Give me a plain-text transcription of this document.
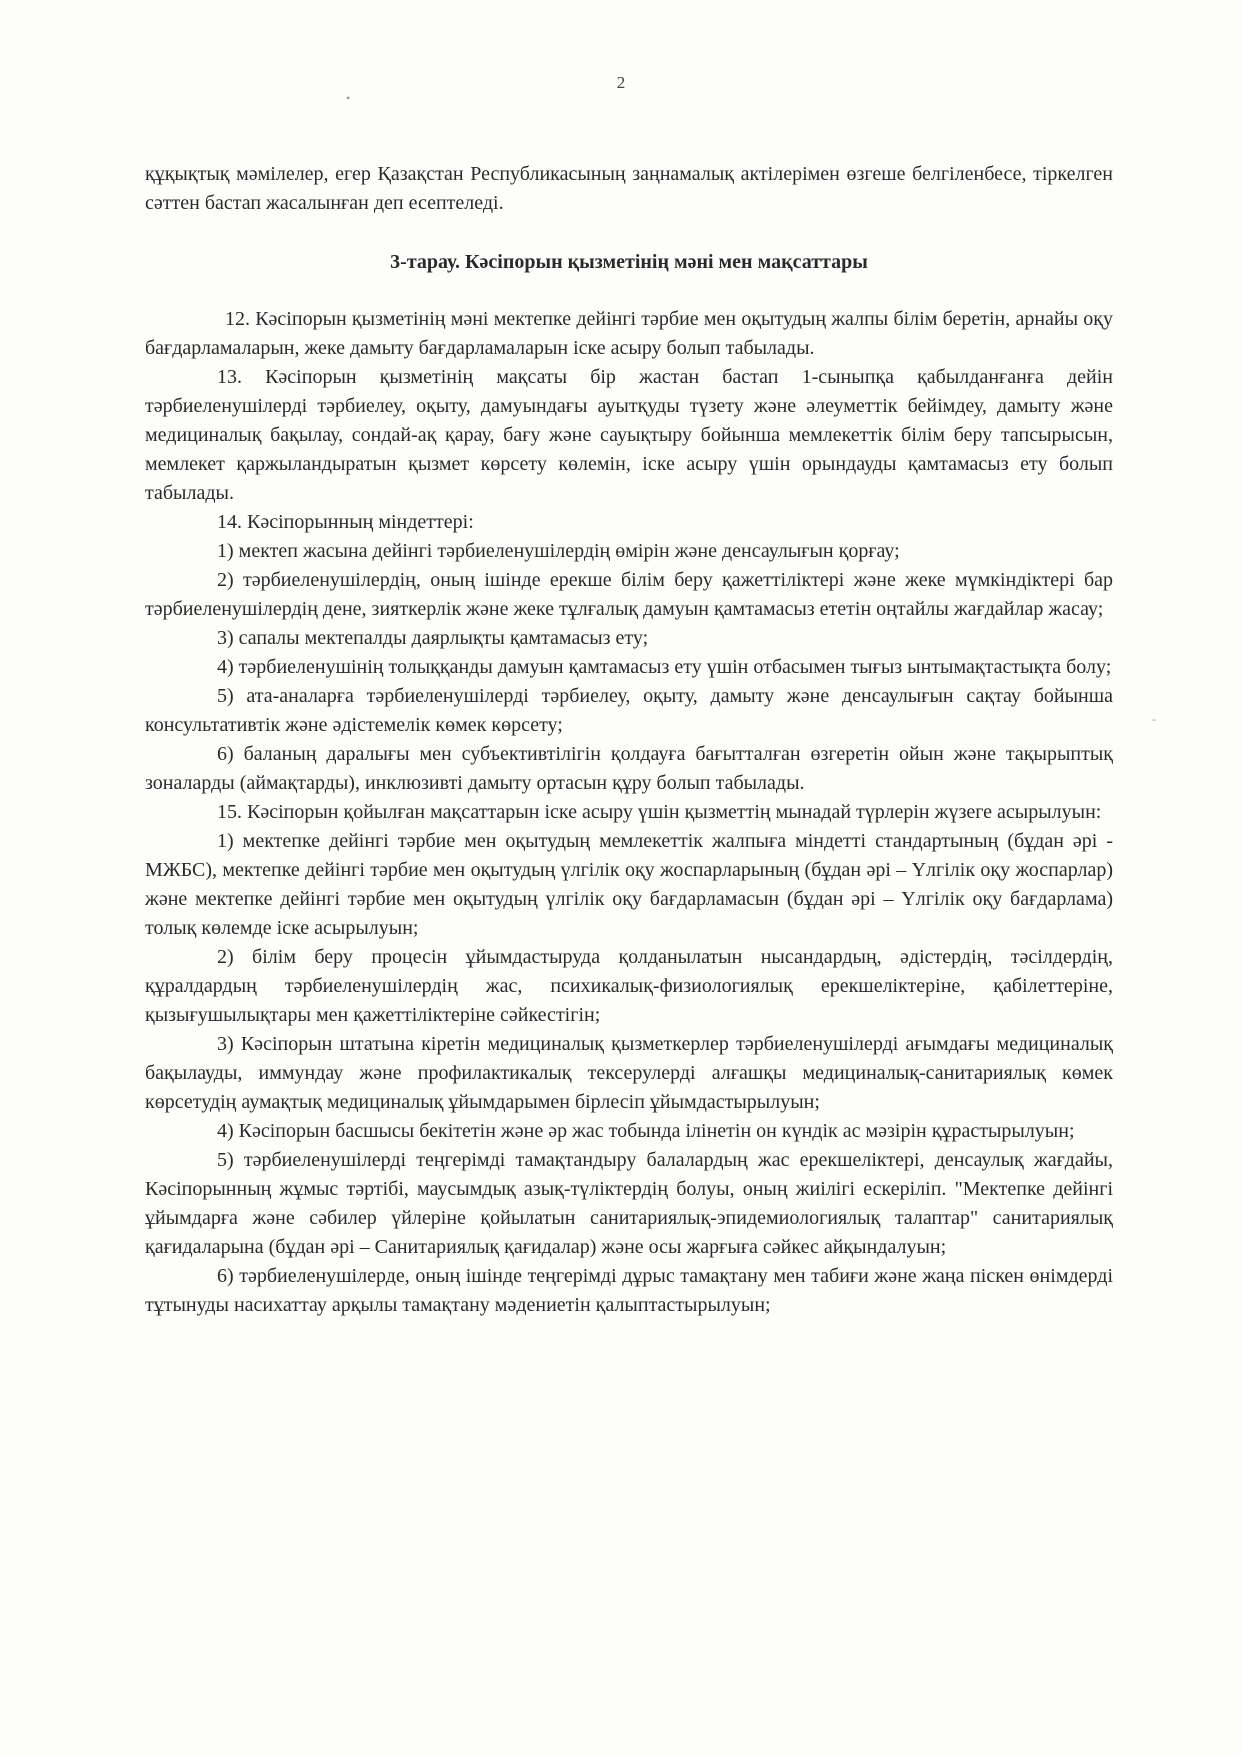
2
•
-

құқықтық мәмілелер, егер Қазақстан Республикасының заңнамалық актілерімен өзгеше белгіленбесе, тіркелген сәттен бастап жасалынған деп есептеледі.

3-тарау. Кәсіпорын қызметінің мәні мен мақсаттары

12. Кәсіпорын қызметінің мәні мектепке дейінгі тәрбие мен оқытудың жалпы білім беретін, арнайы оқу бағдарламаларын, жеке дамыту бағдарламаларын іске асыру болып табылады.

13. Кәсіпорын қызметінің мақсаты бір жастан бастап 1-сыныпқа қабылданғанға дейін тәрбиеленушілерді тәрбиелеу, оқыту, дамуындағы ауытқуды түзету және әлеуметтік бейімдеу, дамыту және медициналық бақылау, сондай-ақ қарау, бағу және сауықтыру бойынша мемлекеттік білім беру тапсырысын, мемлекет қаржыландыратын қызмет көрсету көлемін, іске асыру үшін орындауды қамтамасыз ету болып табылады.

14. Кәсіпорынның міндеттері:

1) мектеп жасына дейінгі тәрбиеленушілердің өмірін және денсаулығын қорғау;

2) тәрбиеленушілердің, оның ішінде ерекше білім беру қажеттіліктері және жеке мүмкіндіктері бар тәрбиеленушілердің дене, зияткерлік және жеке тұлғалық дамуын қамтамасыз ететін оңтайлы жағдайлар жасау;

3) сапалы мектепалды даярлықты қамтамасыз ету;

4) тәрбиеленушінің толыққанды дамуын қамтамасыз ету үшін отбасымен тығыз ынтымақтастықта болу;

5) ата-аналарға тәрбиеленушілерді тәрбиелеу, оқыту, дамыту және денсаулығын сақтау бойынша консультативтік және әдістемелік көмек көрсету;

6) баланың даралығы мен субъективтілігін қолдауға бағытталған өзгеретін ойын және тақырыптық зоналарды (аймақтарды), инклюзивті дамыту ортасын құру болып табылады.

15. Кәсіпорын қойылған мақсаттарын іске асыру үшін қызметтің мынадай түрлерін жүзеге асырылуын:

1) мектепке дейінгі тәрбие мен оқытудың мемлекеттік жалпыға міндетті стандартының (бұдан әрі - МЖБС), мектепке дейінгі тәрбие мен оқытудың үлгілік оқу жоспарларының (бұдан әрі – Үлгілік оқу жоспарлар) және мектепке дейінгі тәрбие мен оқытудың үлгілік оқу бағдарламасын (бұдан әрі – Үлгілік оқу бағдарлама) толық көлемде іске асырылуын;

2) білім беру процесін ұйымдастыруда қолданылатын нысандардың, әдістердің, тәсілдердің, құралдардың тәрбиеленушілердің жас, психикалық-физиологиялық ерекшеліктеріне, қабілеттеріне, қызығушылықтары мен қажеттіліктеріне сәйкестігін;

3) Кәсіпорын штатына кіретін медициналық қызметкерлер тәрбиеленушілерді ағымдағы медициналық бақылауды, иммундау және профилактикалық тексерулерді алғашқы медициналық-санитариялық көмек көрсетудің аумақтық медициналық ұйымдарымен бірлесіп ұйымдастырылуын;

4) Кәсіпорын басшысы бекітетін және әр жас тобында ілінетін он күндік ас мәзірін құрастырылуын;

5) тәрбиеленушілерді теңгерімді тамақтандыру балалардың жас ерекшеліктері, денсаулық жағдайы, Кәсіпорынның жұмыс тәртібі, маусымдық азық-түліктердің болуы, оның жиілігі ескеріліп. "Мектепке дейінгі ұйымдарға және сәбилер үйлеріне қойылатын санитариялық-эпидемиологиялық талаптар" санитариялық қағидаларына (бұдан әрі – Санитариялық қағидалар) және осы жарғыға сәйкес айқындалуын;

6) тәрбиеленушілерде, оның ішінде теңгерімді дұрыс тамақтану мен табиғи және жаңа піскен өнімдерді тұтынуды насихаттау арқылы тамақтану мәдениетін қалыптастырылуын;
